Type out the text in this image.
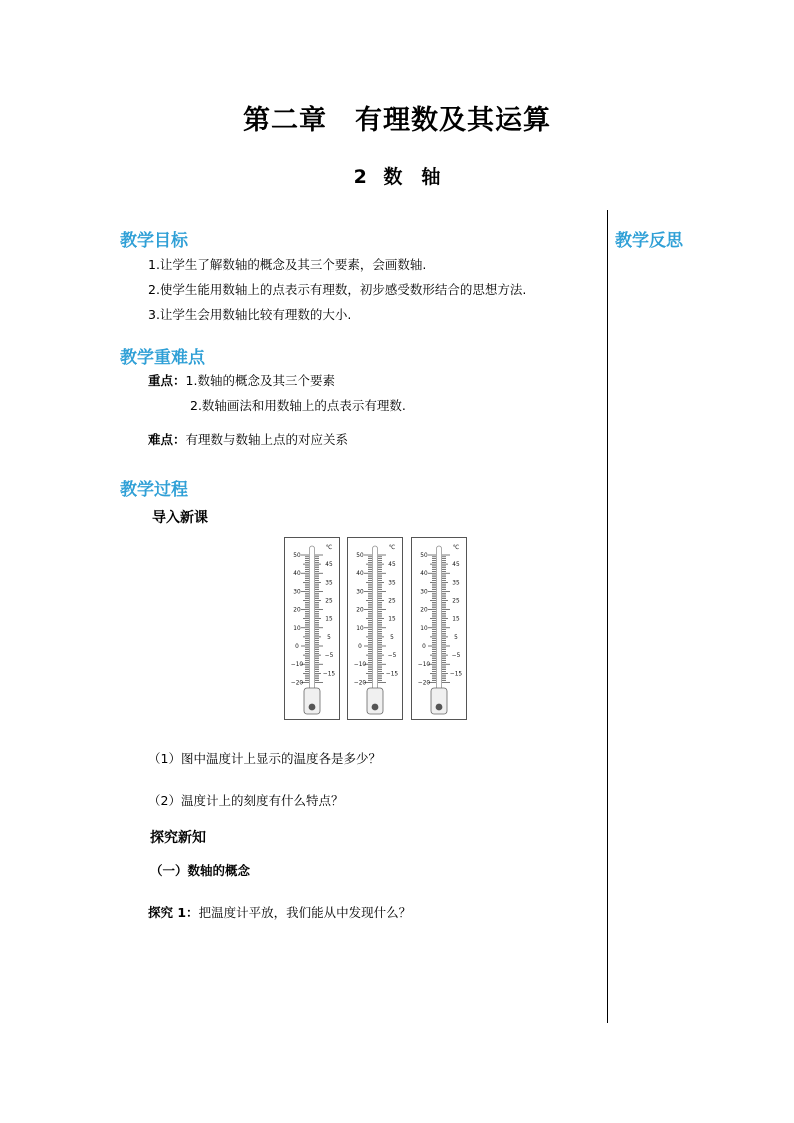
第二章　有理数及其运算
2 数　轴
教学反思
教学目标
1.让学生了解数轴的概念及其三个要素，会画数轴.
2.使学生能用数轴上的点表示有理数，初步感受数形结合的思想方法.
3.让学生会用数轴比较有理数的大小.
教学重难点
重点：1.数轴的概念及其三个要素
2.数轴画法和用数轴上的点表示有理数.
难点：有理数与数轴上点的对应关系
教学过程
导入新课
50
40
30
20
10
0
−10
−20
45
35
25
15
5
−5
−15
℃
50
40
30
20
10
0
−10
−20
45
35
25
15
5
−5
−15
℃
50
40
30
20
10
0
−10
−20
45
35
25
15
5
−5
−15
℃
（1）图中温度计上显示的温度各是多少？
（2）温度计上的刻度有什么特点？
探究新知
（一）数轴的概念
探究 1：把温度计平放，我们能从中发现什么？
